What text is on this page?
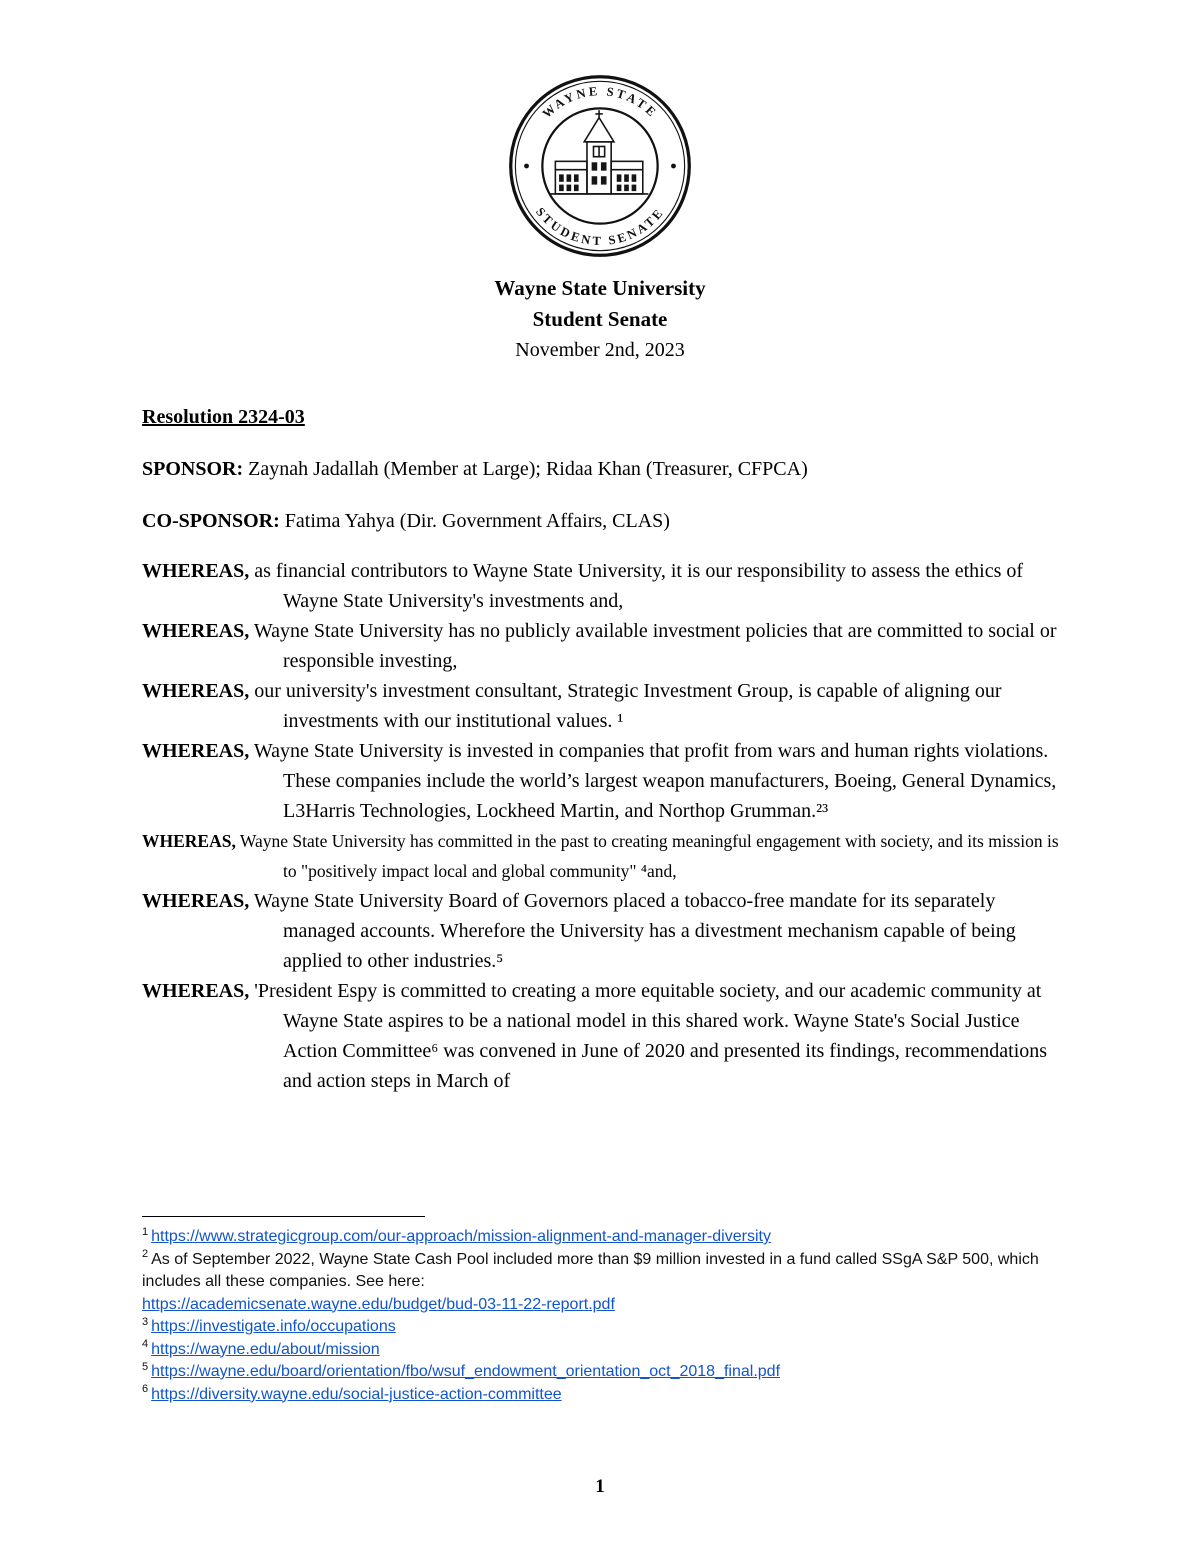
WAYNE STATE
STUDENT SENATE
Wayne State University
Student Senate
November 2nd, 2023
Resolution 2324-03

SPONSOR: Zaynah Jadallah (Member at Large); Ridaa Khan (Treasurer, CFPCA)

CO-SPONSOR: Fatima Yahya (Dir. Government Affairs, CLAS)

WHEREAS, as financial contributors to Wayne State University, it is our responsibility to assess the ethics of Wayne State University's investments and,

WHEREAS, Wayne State University has no publicly available investment policies that are committed to social or responsible investing,

WHEREAS, our university's investment consultant, Strategic Investment Group, is capable of aligning our investments with our institutional values. ¹

WHEREAS, Wayne State University is invested in companies that profit from wars and human rights violations. These companies include the world’s largest weapon manufacturers, Boeing, General Dynamics, L3Harris Technologies, Lockheed Martin, and Northop Grumman.²³

WHEREAS, Wayne State University has committed in the past to creating meaningful engagement with society, and its mission is to "positively impact local and global community" ⁴and,

WHEREAS, Wayne State University Board of Governors placed a tobacco-free mandate for its separately managed accounts. Wherefore the University has a divestment mechanism capable of being applied to other industries.⁵

WHEREAS, 'President Espy is committed to creating a more equitable society, and our academic community at Wayne State aspires to be a national model in this shared work. Wayne State's Social Justice Action Committee⁶ was convened in June of 2020 and presented its findings, recommendations and action steps in March of

$^1$ https://www.strategicgroup.com/our-approach/mission-alignment-and-manager-diversity
$^2$ As of September 2022, Wayne State Cash Pool included more than $9 million invested in a fund called SSgA S&P 500, which includes all these companies. See here:
https://academicsenate.wayne.edu/budget/bud-03-11-22-report.pdf
$^3$ https://investigate.info/occupations
$^4$ https://wayne.edu/about/mission
$^5$ https://wayne.edu/board/orientation/fbo/wsuf_endowment_orientation_oct_2018_final.pdf
$^6$ https://diversity.wayne.edu/social-justice-action-committee
1
